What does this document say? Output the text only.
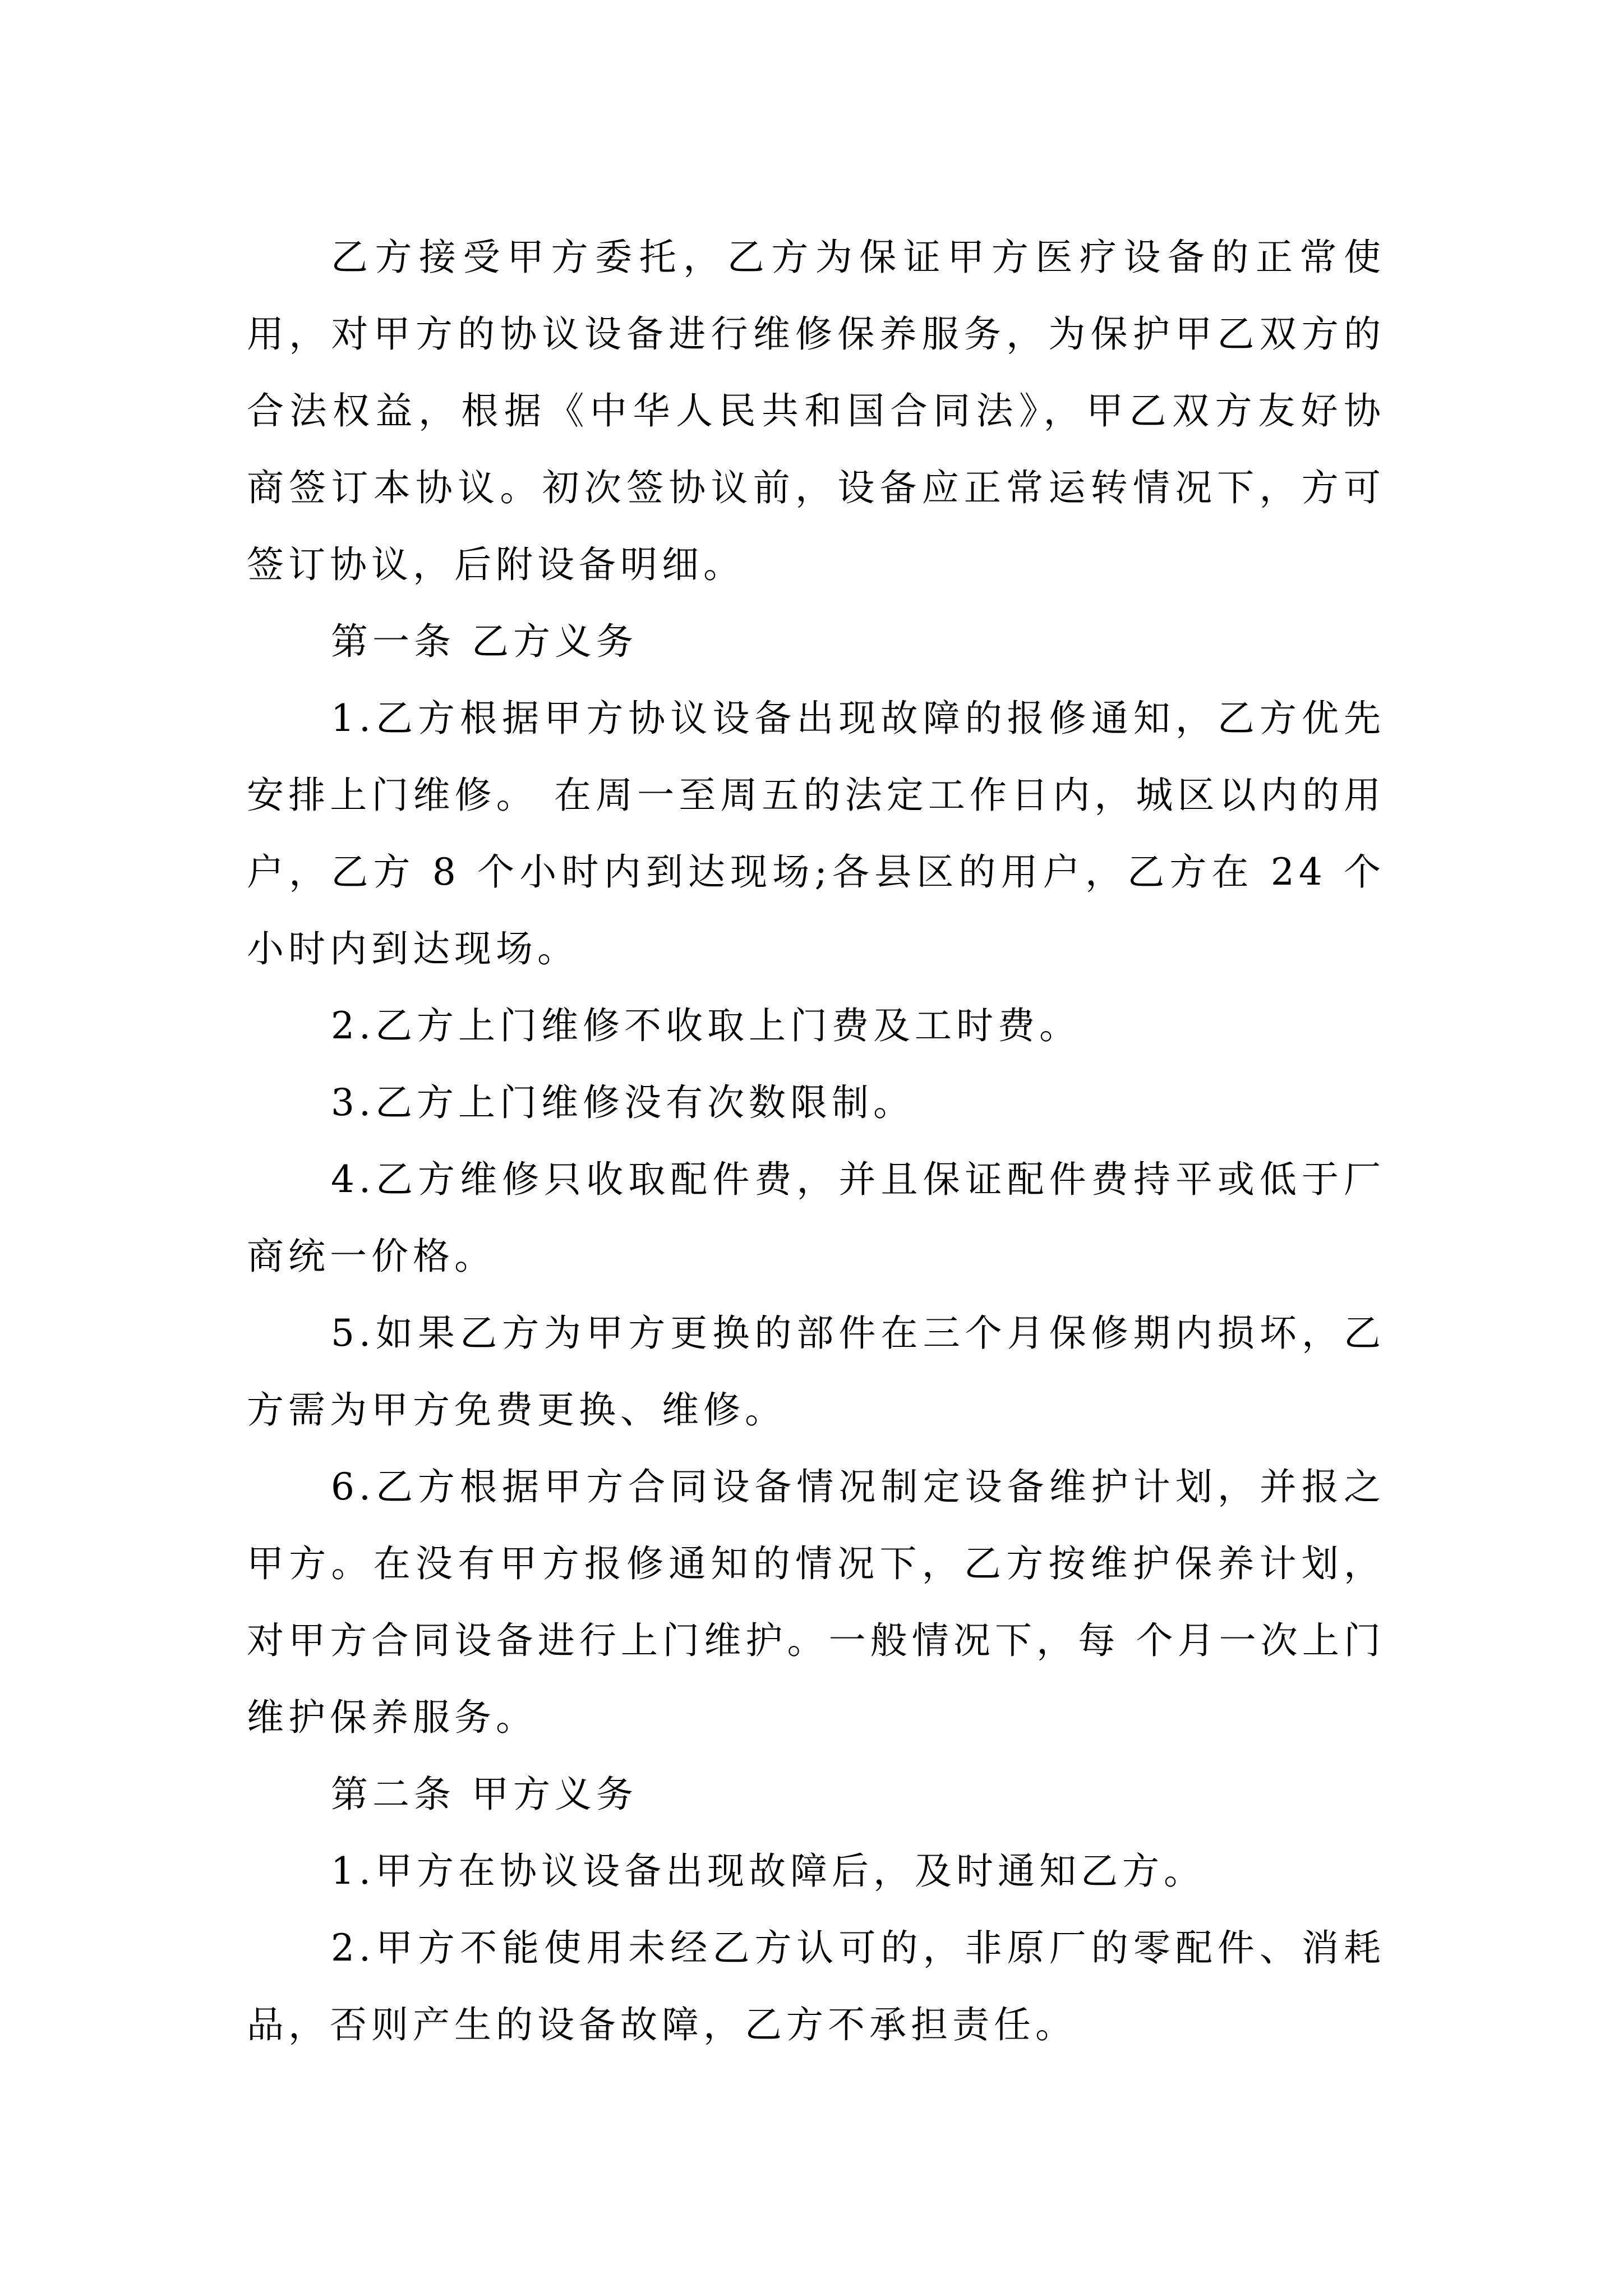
乙方接受甲方委托，乙方为保证甲方医疗设备的正常使用，对甲方的协议设备进行维修保养服务，为保护甲乙双方的合法权益，根据《中华人民共和国合同法》，甲乙双方友好协商签订本协议。初次签协议前，设备应正常运转情况下，方可签订协议，后附设备明细。

第一条 乙方义务

1.乙方根据甲方协议设备出现故障的报修通知，乙方优先安排上门维修。 在周一至周五的法定工作日内，城区以内的用户，乙方 8 个小时内到达现场;各县区的用户，乙方在 24 个小时内到达现场。

2.乙方上门维修不收取上门费及工时费。

3.乙方上门维修没有次数限制。

4.乙方维修只收取配件费，并且保证配件费持平或低于厂商统一价格。

5.如果乙方为甲方更换的部件在三个月保修期内损坏，乙方需为甲方免费更换、维修。

6.乙方根据甲方合同设备情况制定设备维护计划，并报之甲方。在没有甲方报修通知的情况下，乙方按维护保养计划，对甲方合同设备进行上门维护。一般情况下，每 个月一次上门维护保养服务。

第二条 甲方义务

1.甲方在协议设备出现故障后，及时通知乙方。

2.甲方不能使用未经乙方认可的，非原厂的零配件、消耗品，否则产生的设备故障，乙方不承担责任。
